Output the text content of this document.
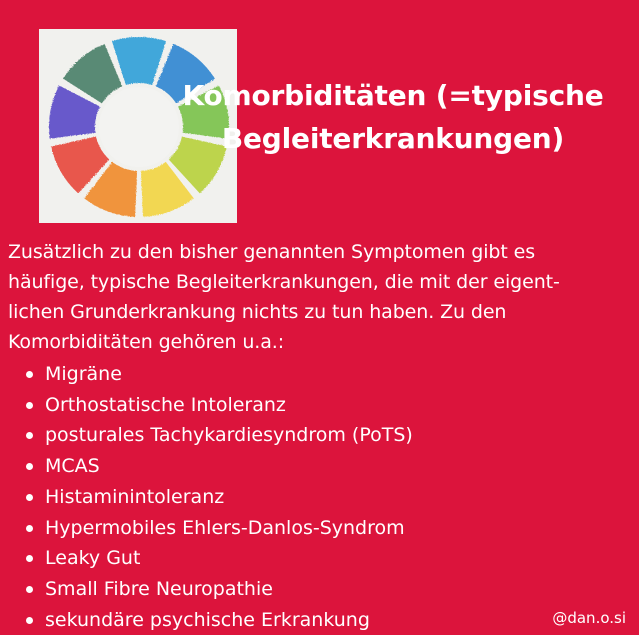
Komorbiditäten (=typische
Begleiterkrankungen)
Zusätzlich zu den bisher genannten Symptomen gibt es
häufige, typische Begleiterkrankungen, die mit der eigent-
lichen Grunderkrankung nichts zu tun haben. Zu den
Komorbiditäten gehören u.a.:
Migräne
Orthostatische Intoleranz
posturales Tachykardiesyndrom (PoTS)
MCAS
Histaminintoleranz
Hypermobiles Ehlers-Danlos-Syndrom
Leaky Gut
Small Fibre Neuropathie
sekundäre psychische Erkrankung	@dan.o.si
